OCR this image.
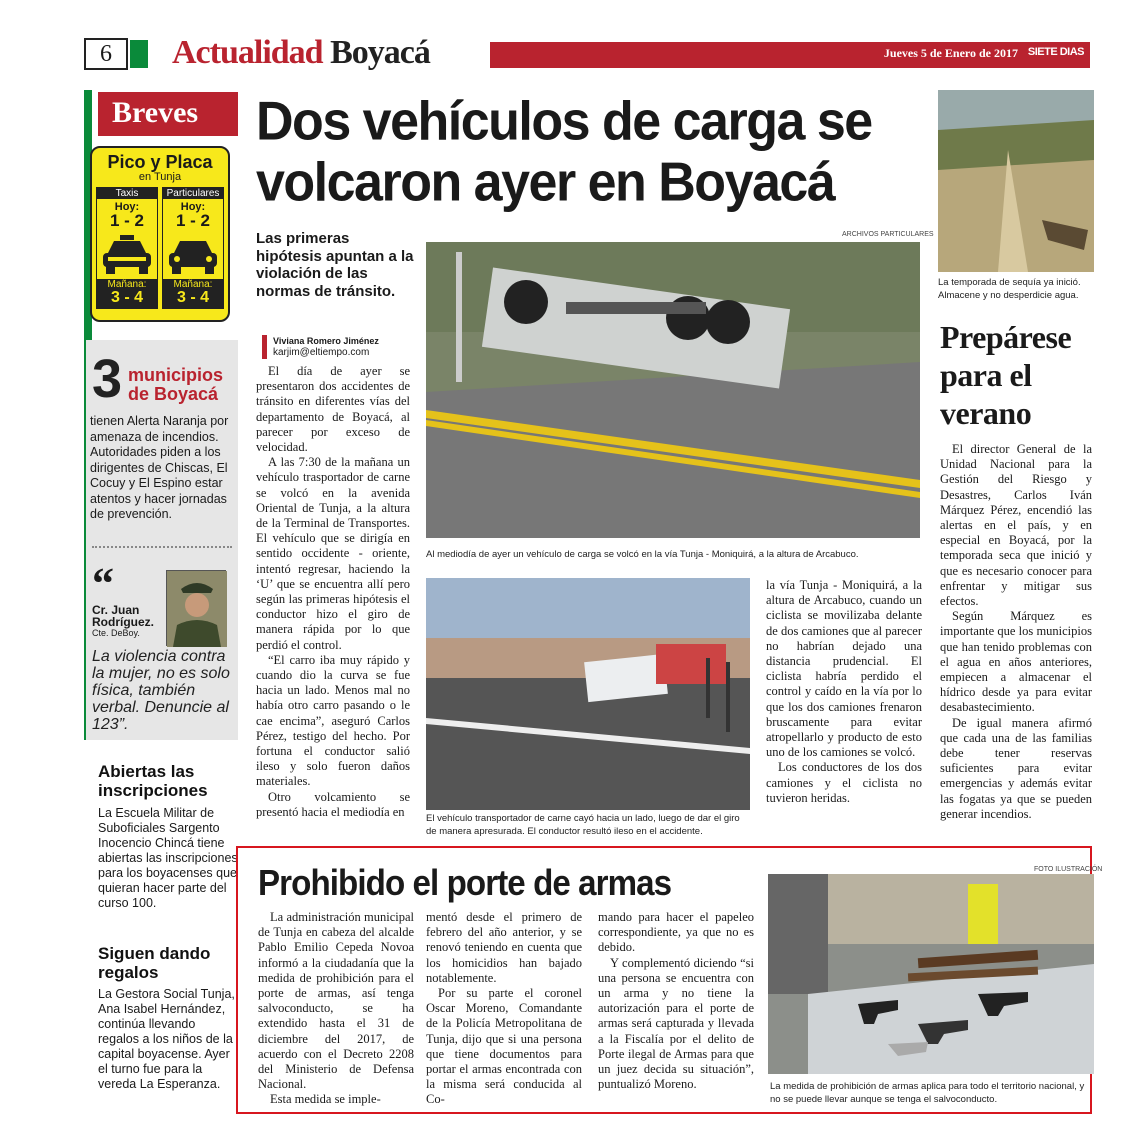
6	Actualidad Boyacá	Jueves 5 de Enero de 2017 SIETE DIAS
Breves
Pico y Placa
en Tunja
Taxis
Hoy:
1 - 2
Mañana:
3 - 4
Particulares
Hoy:
1 - 2
Mañana:
3 - 4
3 municipios de Boyacá
tienen Alerta Naranja por amenaza de incendios. Autoridades piden a los dirigentes de Chiscas, El Cocuy y El Espino estar atentos y hacer jornadas de prevención.
“
Cr. Juan Rodríguez.
Cte. DeBoy.
La violencia contra la mujer, no es solo física, también verbal. Denuncie al 123”.
Abiertas las inscripciones
La Escuela Militar de Suboficiales Sargento Inocencio Chincá tiene abiertas las inscripciones para los boyacenses que quieran hacer parte del curso 100.
Siguen dando regalos
La Gestora Social Tunja, Ana Isabel Hernández, continúa llevando regalos a los niños de la capital boyacense. Ayer el turno fue para la vereda La Esperanza.
Dos vehículos de carga se volcaron ayer en Boyacá
Las primeras hipótesis apuntan a la violación de las normas de tránsito.
Viviana Romero Jiménez
karjim@eltiempo.com

El día de ayer se presentaron dos accidentes de tránsito en diferentes vías del departamento de Boyacá, al parecer por exceso de velocidad.

A las 7:30 de la mañana un vehículo trasportador de carne se volcó en la avenida Oriental de Tunja, a la altura de la Terminal de Transportes. El vehículo que se dirigía en sentido occidente - oriente, intentó regresar, haciendo la ‘U’ que se encuentra allí pero según las primeras hipótesis el conductor hizo el giro de manera rápida por lo que perdió el control.

“El carro iba muy rápido y cuando dio la curva se fue hacia un lado. Menos mal no había otro carro pasando o le cae encima”, aseguró Carlos Pérez, testigo del hecho. Por fortuna el conductor salió ileso y solo fueron daños materiales.

Otro volcamiento se presentó hacia el mediodía en

ARCHIVOS PARTICULARES
Al mediodía de ayer un vehículo de carga se volcó en la vía Tunja - Moniquirá, a la altura de Arcabuco.
El vehículo transportador de carne cayó hacia un lado, luego de dar el giro de manera apresurada. El conductor resultó ileso en el accidente.

la vía Tunja - Moniquirá, a la altura de Arcabuco, cuando un ciclista se movilizaba delante de dos camiones que al parecer no habrían dejado una distancia prudencial. El ciclista habría perdido el control y caído en la vía por lo que los dos camiones frenaron bruscamente para evitar atropellarlo y producto de esto uno de los camiones se volcó.

Los conductores de los dos camiones y el ciclista no tuvieron heridas.

La temporada de sequía ya inició. Almacene y no desperdicie agua.
Prepárese para el verano

El director General de la Unidad Nacional para la Gestión del Riesgo y Desastres, Carlos Iván Márquez Pérez, encendió las alertas en el país, y en especial en Boyacá, por la temporada seca que inició y que es necesario conocer para enfrentar y mitigar sus efectos.

Según Márquez es importante que los municipios que han tenido problemas con el agua en años anteriores, empiecen a almacenar el hídrico desde ya para evitar desabastecimiento.

De igual manera afirmó que cada una de las familias debe tener reservas suficientes para evitar emergencias y además evitar las fogatas ya que se pueden generar incendios.

Prohibido el porte de armas

La administración municipal de Tunja en cabeza del alcalde Pablo Emilio Cepeda Novoa informó a la ciudadanía que la medida de prohibición para el porte de armas, así tenga salvoconducto, se ha extendido hasta el 31 de diciembre del 2017, de acuerdo con el Decreto 2208 del Ministerio de Defensa Nacional.

Esta medida se imple-

mentó desde el primero de febrero del año anterior, y se renovó teniendo en cuenta que los homicidios han bajado notablemente.

Por su parte el coronel Oscar Moreno, Comandante de la Policía Metropolitana de Tunja, dijo que si una persona que tiene documentos para portar el armas encontrada con la misma será conducida al Co-

mando para hacer el papeleo correspondiente, ya que no es debido.

Y complementó diciendo “si una persona se encuentra con un arma y no tiene la autorización para el porte de armas será capturada y llevada a la Fiscalía por el delito de Porte ilegal de Armas para que un juez decida su situación”, puntualizó Moreno.

FOTO ILUSTRACIÓN
La medida de prohibición de armas aplica para todo el territorio nacional, y no se puede llevar aunque se tenga el salvoconducto.
